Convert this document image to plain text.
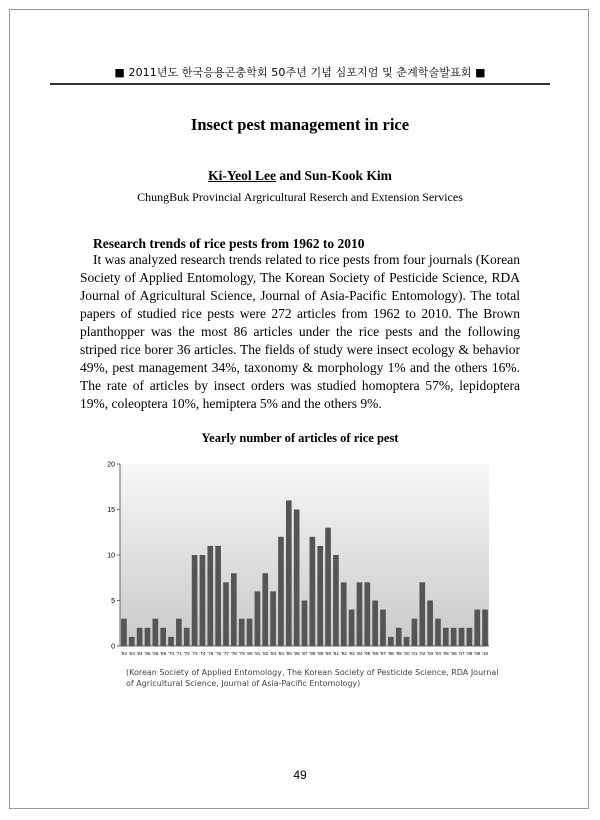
■ 2011년도 한국응용곤충학회 50주년 기념 심포지엄 및 춘계학술발표회 ■
Insect pest management in rice
Ki-Yeol Lee and Sun-Kook Kim
ChungBuk Provincial Argricultural Reserch and Extension Services
Research trends of rice pests from 1962 to 2010

It was analyzed research trends related to rice pests from four journals (Korean Society of Applied Entomology, The Korean Society of Pesticide Science, RDA Journal of Agricultural Science, Journal of Asia-Pacific Entomology). The total papers of studied rice pests were 272 articles from 1962 to 2010. The Brown planthopper was the most 86 articles under the rice pests and the following striped rice borer 36 articles. The fields of study were insect ecology & behavior 49%, pest management 34%, taxonomy & morphology 1% and the others 16%. The rate of articles by insect orders was studied homoptera 57%, lepidoptera 19%, coleoptera 10%, hemiptera 5% and the others 9%.

Yearly number of articles of rice pest
0
5
10
15
20
'62 '63 '64 '65 '66 '69 '70 '71 '72 '73 '74 '75 '76 '77 '78 '79 '80 '81 '82 '83 '84 '85 '86 '87 '88 '89 '90 '91 '92 '93 '94 '95 '96 '97 '98 '99 '00 '01 '02 '03 '04 '05 '06 '07 '08 '09 '10
(Korean Society of Applied Entomology, The Korean Society of Pesticide Science, RDA Journal of Agricultural Science, Journal of Asia-Pacific Entomology)
49
